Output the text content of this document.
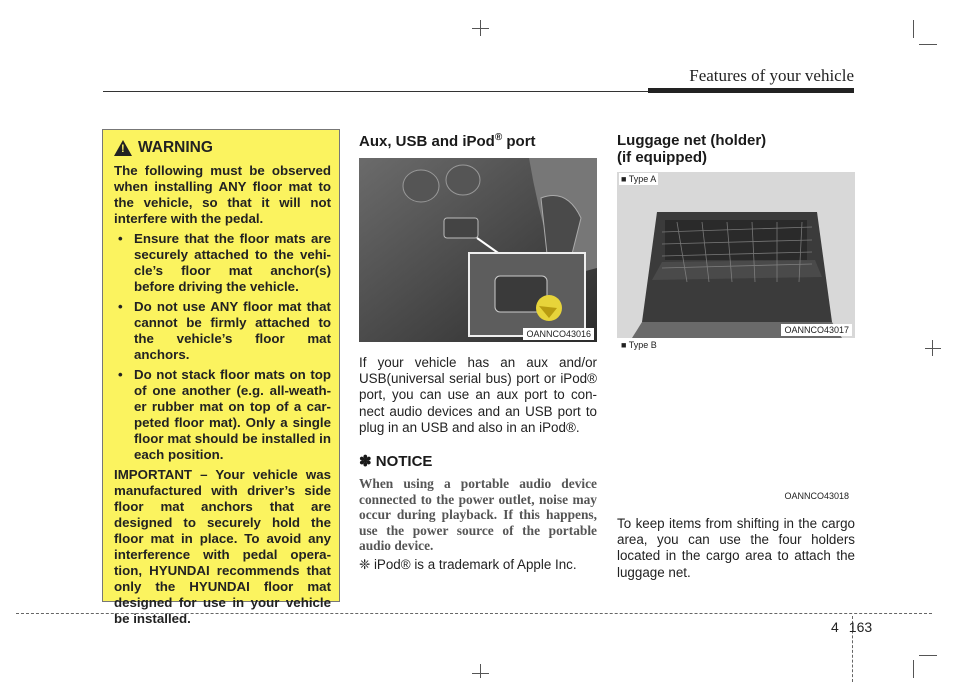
Features of your vehicle
! WARNING

The following must be observed when installing ANY floor mat to the vehicle, so that it will not interfere with the pedal.

• Ensure that the floor mats are securely attached to the vehi- cle’s floor mat anchor(s) before driving the vehicle.
• Do not use ANY floor mat that cannot be firmly attached to the vehicle’s floor mat anchors.
• Do not stack floor mats on top of one another (e.g. all-weath- er rubber mat on top of a car- peted floor mat). Only a single floor mat should be installed in each position.

IMPORTANT – Your vehicle was manufactured with driver’s side floor mat anchors that are designed to securely hold the floor mat in place. To avoid any interference with pedal opera- tion, HYUNDAI recommends that only the HYUNDAI floor mat designed for use in your vehicle be installed.

Aux, USB and iPod® port
OANNCO43016
If your vehicle has an aux and/or USB(universal serial bus) port or iPod® port, you can use an aux port to con- nect audio devices and an USB port to plug in an USB and also in an iPod®.
✽ NOTICE
When using a portable audio device connected to the power outlet, noise may occur during playback. If this happens, use the power source of the portable audio device.
❈ iPod® is a trademark of Apple Inc.
Luggage net (holder)
(if equipped)
■ Type A
OANNCO43017
■ Type B
OANNCO43018
To keep items from shifting in the cargo area, you can use the four holders located in the cargo area to attach the luggage net.
4 163
